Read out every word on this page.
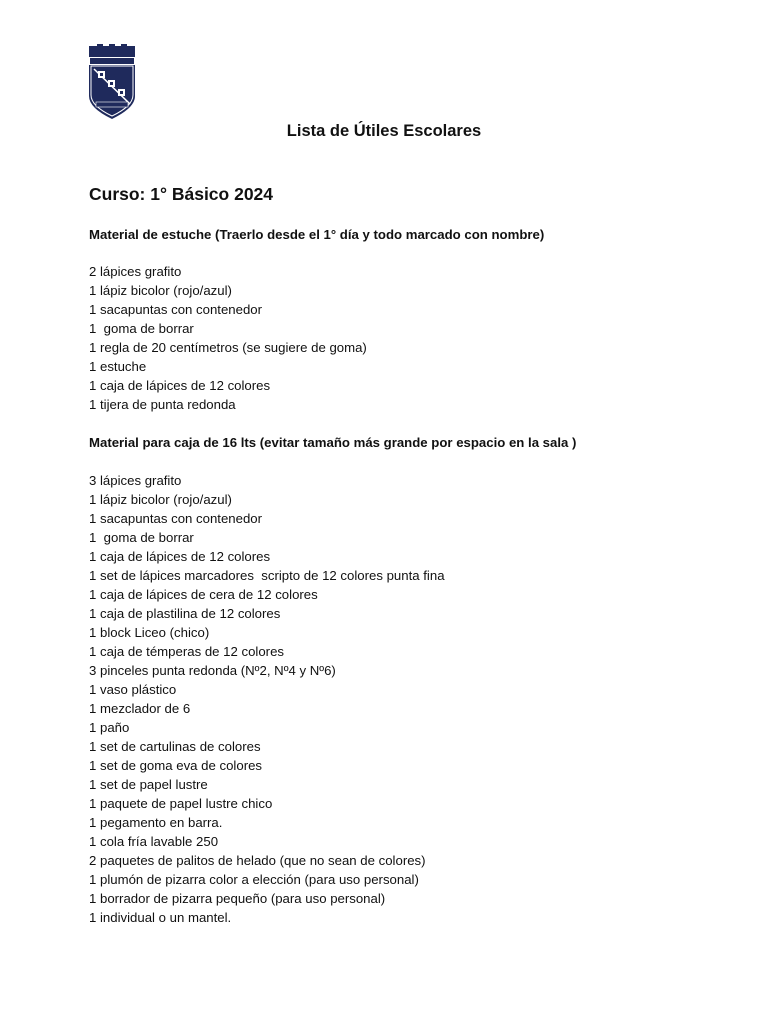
Lista de Útiles Escolares
Curso: 1° Básico 2024
Material de estuche (Traerlo desde el 1° día y todo marcado con nombre)
2 lápices grafito
1 lápiz bicolor (rojo/azul)
1 sacapuntas con contenedor
1  goma de borrar
1 regla de 20 centímetros (se sugiere de goma)
1 estuche
1 caja de lápices de 12 colores
1 tijera de punta redonda
Material para caja de 16 lts (evitar tamaño más grande por espacio en la sala )
3 lápices grafito
1 lápiz bicolor (rojo/azul)
1 sacapuntas con contenedor
1  goma de borrar
1 caja de lápices de 12 colores
1 set de lápices marcadores  scripto de 12 colores punta fina
1 caja de lápices de cera de 12 colores
1 caja de plastilina de 12 colores
1 block Liceo (chico)
1 caja de témperas de 12 colores
3 pinceles punta redonda (Nº2, Nº4 y Nº6)
1 vaso plástico
1 mezclador de 6
1 paño
1 set de cartulinas de colores
1 set de goma eva de colores
1 set de papel lustre
1 paquete de papel lustre chico
1 pegamento en barra.
1 cola fría lavable 250
2 paquetes de palitos de helado (que no sean de colores)
1 plumón de pizarra color a elección (para uso personal)
1 borrador de pizarra pequeño (para uso personal)
1 individual o un mantel.
